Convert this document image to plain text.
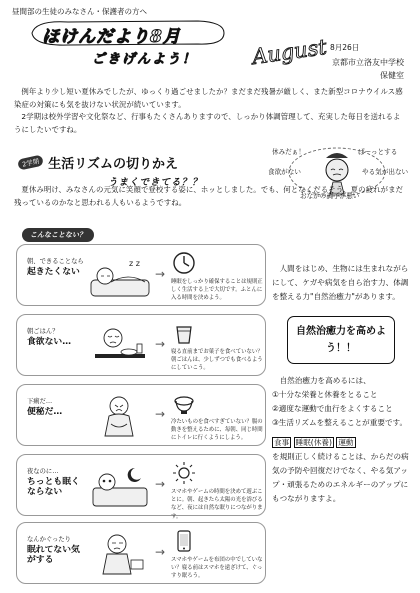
昼間部の生徒のみなさん・保護者の方へ
ほけんだより8月
ごきげんよう！	August 8月26日
京都市立洛友中学校
保健室

例年より少し短い夏休みでしたが、ゆっくり過ごせましたか？まだまだ残暑が厳しく、また新型コロナウイルス感染症の対策にも気を抜けない状況が続いています。

2学期は校外学習や文化祭など、行事もたくさんありますので、しっかり体調管理して、充実した毎日を送れるようにしたいですね。

2学期 生活リズムの切りかえ
うまくできてる？？
休みだぁ！	ぱーっとする
食欲がない	やる気が出ない
おなかの調子が悪い

夏休み明け、みなさんの元気に笑顔で登校する姿に、ホッとしました。でも、何となくだるそう、夏の疲れがまだ残っているのかなと思われる人もいるようですね。

こんなことない？
朝、できることなら
起きたくない
z z
→
睡眠をしっかり確保することは規則正しく生活する上で大切です。ふとんに入る時間を決めよう。
朝ごはん？
食欲ない…	→
寝る直前までお菓子を食べていない？朝ごはんは、少しずつでも食べるようにしていこう。
下痢だ…
便秘だ…	→
冷たいものを食べすぎていない？腸の動きを整えるために、毎朝、同じ時間にトイレに行くようにしよう。
夜なのに…
ちっとも眠くならない
→
スマホやゲームの時間を決めて遊ぶことに。朝、起きたら太陽の光を浴びるなど、夜には自然な眠りにつながります。
なんかぐったり
眠れてない気がする
→
スマホやゲームを布団の中でしていない？寝る前はスマホを遠ざけて、ぐっすり眠ろう。

人間をはじめ、生物には生まれながらにして、ケガや病気を自ら治す力、体調を整える力"自然治癒力"があります。

自然治癒力を高めよう！！

自然治癒力を高めるには、

①十分な栄養と休養をとること

②適度な運動で血行をよくすること

③生活リズムを整えることが重要です。

食事 睡眠(休養) 運動

を規則正しく続けることは、からだの病気の予防や回復だけでなく、やる気アップ・頑張るためのエネルギーのアップにもつながりますよ。
